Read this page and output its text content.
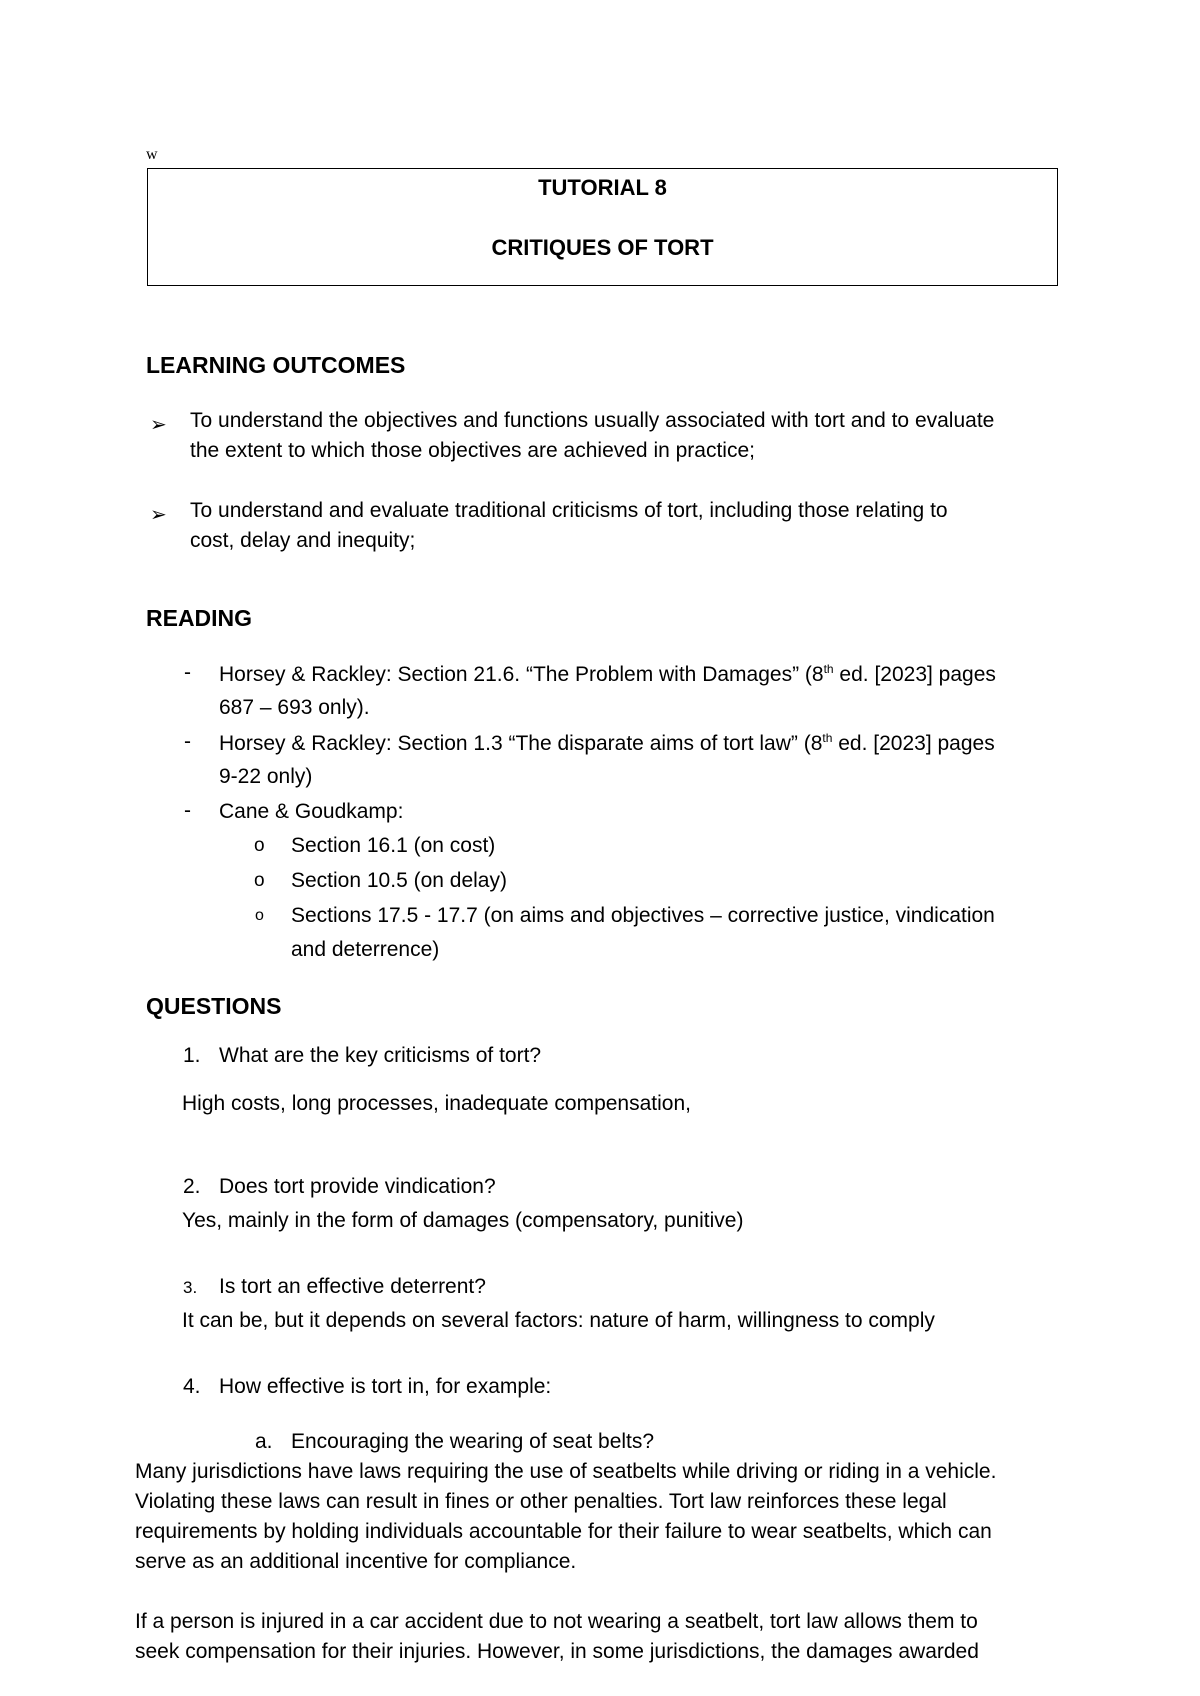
w
TUTORIAL 8
CRITIQUES OF TORT
LEARNING OUTCOMES
➢ To understand the objectives and functions usually associated with tort and to evaluate
the extent to which those objectives are achieved in practice;
➢ To understand and evaluate traditional criticisms of tort, including those relating to
cost, delay and inequity;
READING
- Horsey & Rackley: Section 21.6. “The Problem with Damages” (8th ed. [2023] pages
687 – 693 only).
- Horsey & Rackley: Section 1.3 “The disparate aims of tort law” (8th ed. [2023] pages
9-22 only)
- Cane & Goudkamp:
o Section 16.1 (on cost)
o Section 10.5 (on delay)
o Sections 17.5 - 17.7 (on aims and objectives – corrective justice, vindication
and deterrence)
QUESTIONS
1. What are the key criticisms of tort?
High costs, long processes, inadequate compensation,
2. Does tort provide vindication?
Yes, mainly in the form of damages (compensatory, punitive)
3. Is tort an effective deterrent?
It can be, but it depends on several factors: nature of harm, willingness to comply
4. How effective is tort in, for example:
a. Encouraging the wearing of seat belts?
Many jurisdictions have laws requiring the use of seatbelts while driving or riding in a vehicle.
Violating these laws can result in fines or other penalties. Tort law reinforces these legal
requirements by holding individuals accountable for their failure to wear seatbelts, which can
serve as an additional incentive for compliance.
If a person is injured in a car accident due to not wearing a seatbelt, tort law allows them to
seek compensation for their injuries. However, in some jurisdictions, the damages awarded
